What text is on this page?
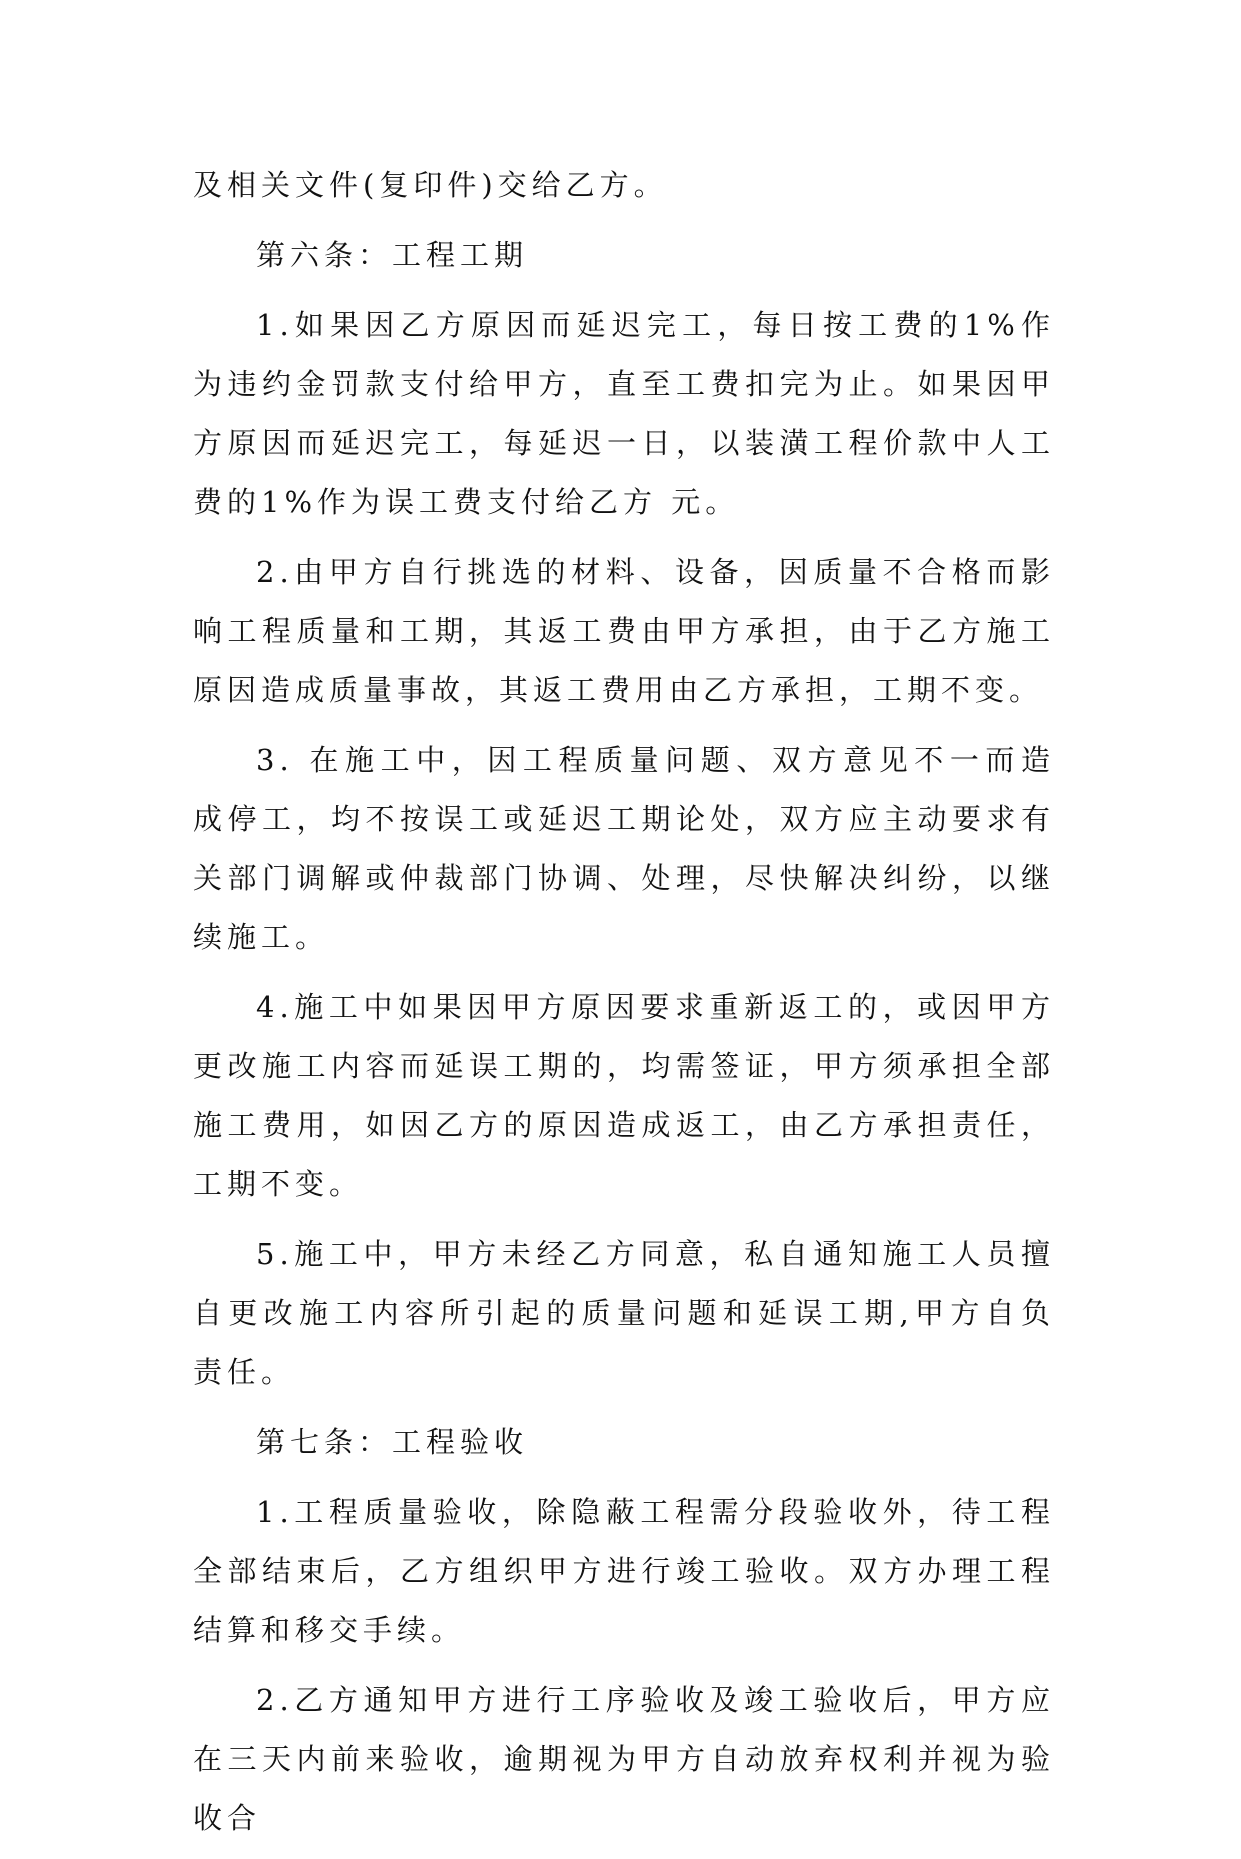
及相关文件(复印件)交给乙方。

第六条：工程工期

1.如果因乙方原因而延迟完工，每日按工费的1%作为违约金罚款支付给甲方，直至工费扣完为止。如果因甲方原因而延迟完工，每延迟一日，以装潢工程价款中人工费的1%作为误工费支付给乙方 元。

2.由甲方自行挑选的材料、设备，因质量不合格而影响工程质量和工期，其返工费由甲方承担，由于乙方施工原因造成质量事故，其返工费用由乙方承担，工期不变。

3. 在施工中，因工程质量问题、双方意见不一而造成停工，均不按误工或延迟工期论处，双方应主动要求有关部门调解或仲裁部门协调、处理，尽快解决纠纷，以继续施工。

4.施工中如果因甲方原因要求重新返工的，或因甲方更改施工内容而延误工期的，均需签证，甲方须承担全部施工费用，如因乙方的原因造成返工，由乙方承担责任，工期不变。

5.施工中，甲方未经乙方同意，私自通知施工人员擅自更改施工内容所引起的质量问题和延误工期,甲方自负责任。

第七条：工程验收

1.工程质量验收，除隐蔽工程需分段验收外，待工程全部结束后，乙方组织甲方进行竣工验收。双方办理工程结算和移交手续。

2.乙方通知甲方进行工序验收及竣工验收后，甲方应在三天内前来验收，逾期视为甲方自动放弃权利并视为验收合
